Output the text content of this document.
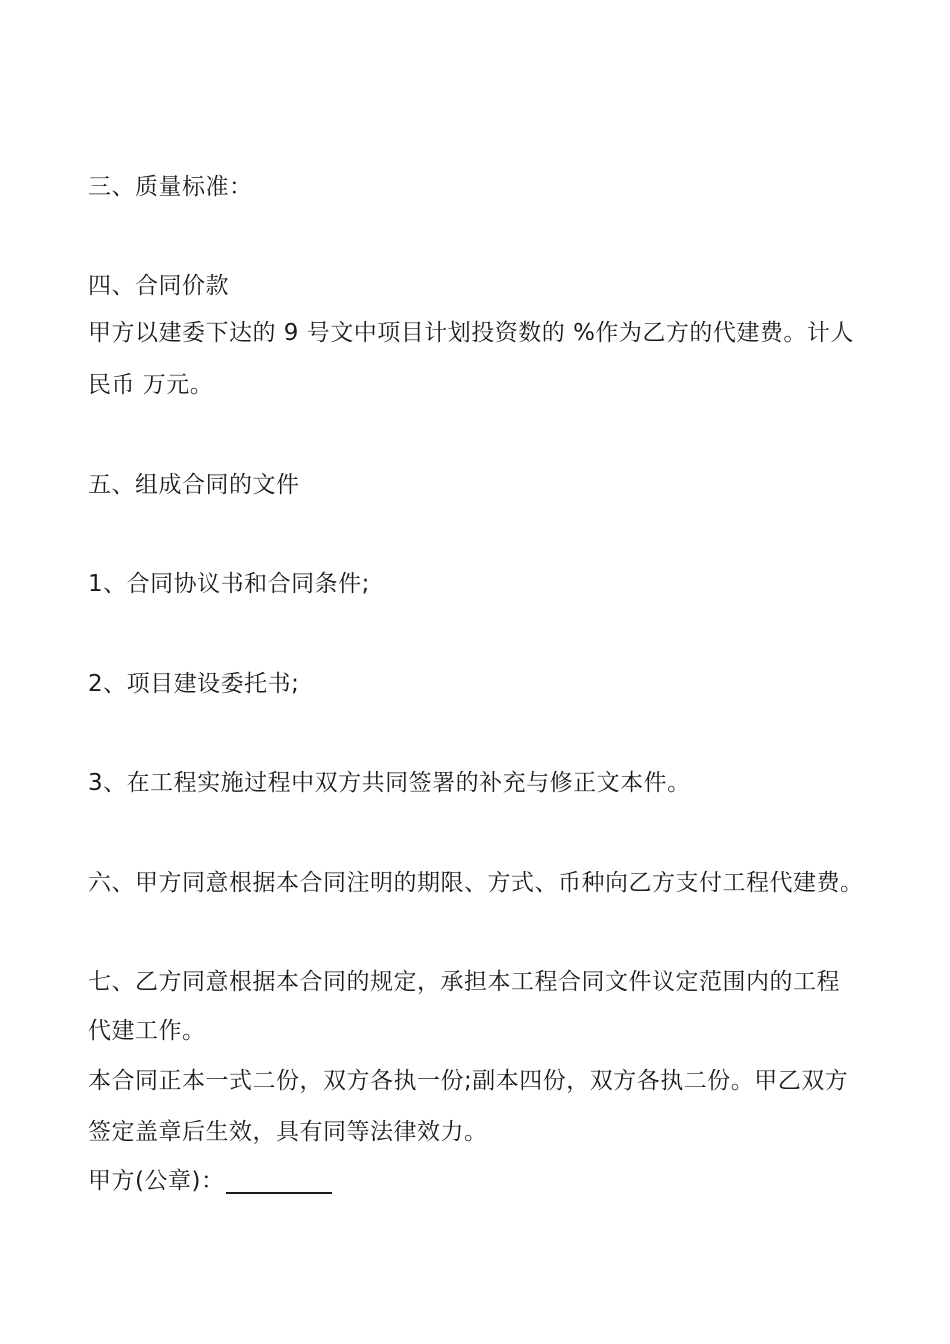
三、质量标准：
四、合同价款
甲方以建委下达的 9 号文中项目计划投资数的 %作为乙方的代建费。计人
民币 万元。
五、组成合同的文件
1、合同协议书和合同条件;
2、项目建设委托书;
3、在工程实施过程中双方共同签署的补充与修正文本件。
六、甲方同意根据本合同注明的期限、方式、币种向乙方支付工程代建费。
七、乙方同意根据本合同的规定，承担本工程合同文件议定范围内的工程
代建工作。
本合同正本一式二份，双方各执一份;副本四份，双方各执二份。甲乙双方
签定盖章后生效，具有同等法律效力。
甲方(公章)：
